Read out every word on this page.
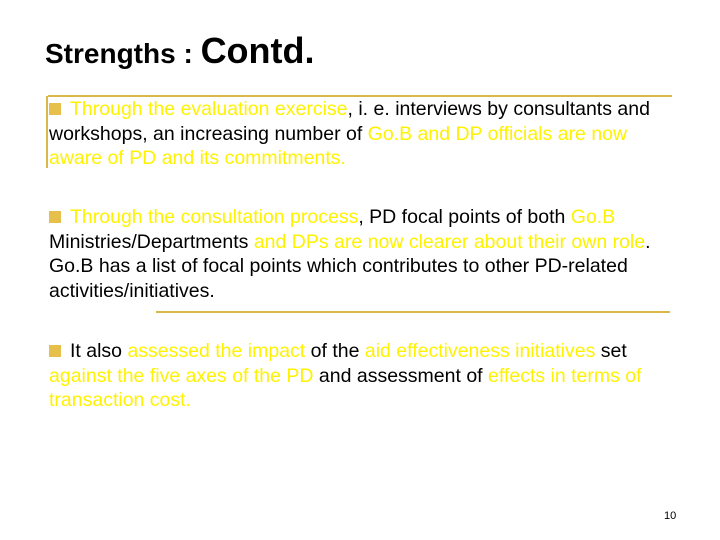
Strengths : Contd.
Through the evaluation exercise, i. e. interviews by consultants and workshops, an increasing number of Go.B and DP officials are now aware of PD and its commitments.
Through the consultation process, PD focal points of both Go.B Ministries/Departments and DPs are now clearer about their own role. Go.B has a list of focal points which contributes to other PD-related activities/initiatives.
It also assessed the impact of the aid effectiveness initiatives set against the five axes of the PD and assessment of effects in terms of transaction cost.
10
